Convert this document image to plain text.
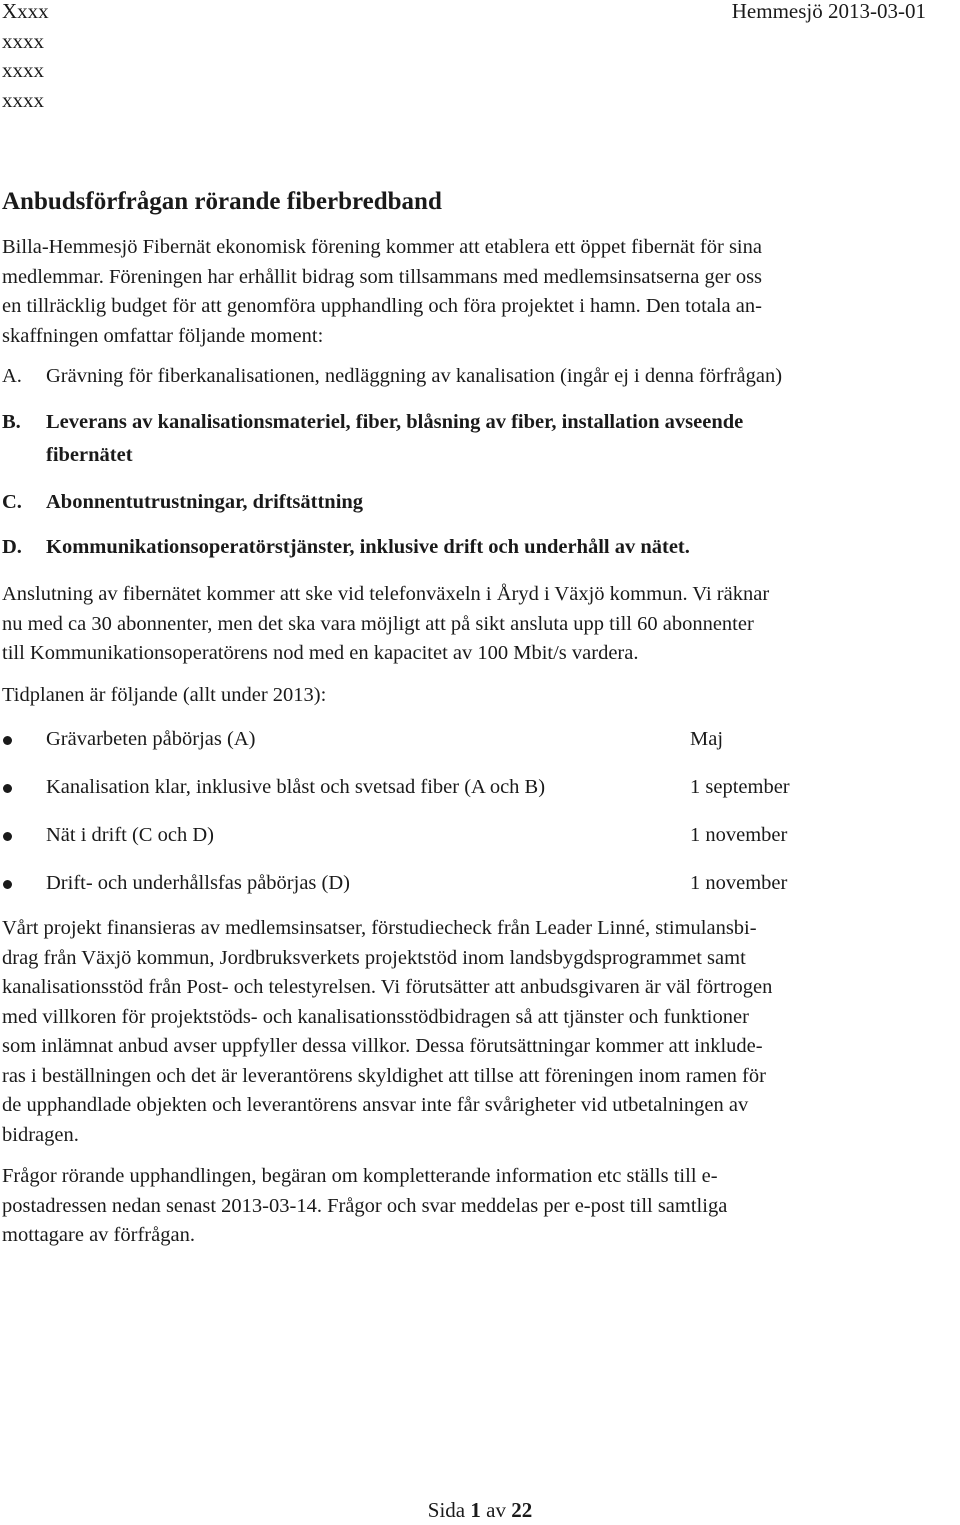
Xxxx
xxxx
xxxx
xxxx
Hemmesjö 2013-03-01
Anbudsförfrågan rörande fiberbredband

Billa-Hemmesjö Fibernät ekonomisk förening kommer att etablera ett öppet fibernät för sina
medlemmar. Föreningen har erhållit bidrag som tillsammans med medlemsinsatserna ger oss
en tillräcklig budget för att genomföra upphandling och föra projektet i hamn. Den totala an-
skaffningen omfattar följande moment:

A. Grävning för fiberkanalisationen, nedläggning av kanalisation (ingår ej i denna förfrågan)
B. Leverans av kanalisationsmateriel, fiber, blåsning av fiber, installation avseende
fibernätet
C. Abonnentutrustningar, driftsättning
D. Kommunikationsoperatörstjänster, inklusive drift och underhåll av nätet.

Anslutning av fibernätet kommer att ske vid telefonväxeln i Åryd i Växjö kommun. Vi räknar
nu med ca 30 abonnenter, men det ska vara möjligt att på sikt ansluta upp till 60 abonnenter
till Kommunikationsoperatörens nod med en kapacitet av 100 Mbit/s vardera.

Tidplanen är följande (allt under 2013):

Grävarbeten påbörjas (A)	Maj
Kanalisation klar, inklusive blåst och svetsad fiber (A och B)	1 september
Nät i drift (C och D)	1 november
Drift- och underhållsfas påbörjas (D)	1 november

Vårt projekt finansieras av medlemsinsatser, förstudiecheck från Leader Linné, stimulansbi-
drag från Växjö kommun, Jordbruksverkets projektstöd inom landsbygdsprogrammet samt
kanalisationsstöd från Post- och telestyrelsen. Vi förutsätter att anbudsgivaren är väl förtrogen
med villkoren för projektstöds- och kanalisationsstödbidragen så att tjänster och funktioner
som inlämnat anbud avser uppfyller dessa villkor. Dessa förutsättningar kommer att inklude-
ras i beställningen och det är leverantörens skyldighet att tillse att föreningen inom ramen för
de upphandlade objekten och leverantörens ansvar inte får svårigheter vid utbetalningen av
bidragen.

Frågor rörande upphandlingen, begäran om kompletterande information etc ställs till e-
postadressen nedan senast 2013-03-14. Frågor och svar meddelas per e-post till samtliga
mottagare av förfrågan.

Sida 1 av 22
